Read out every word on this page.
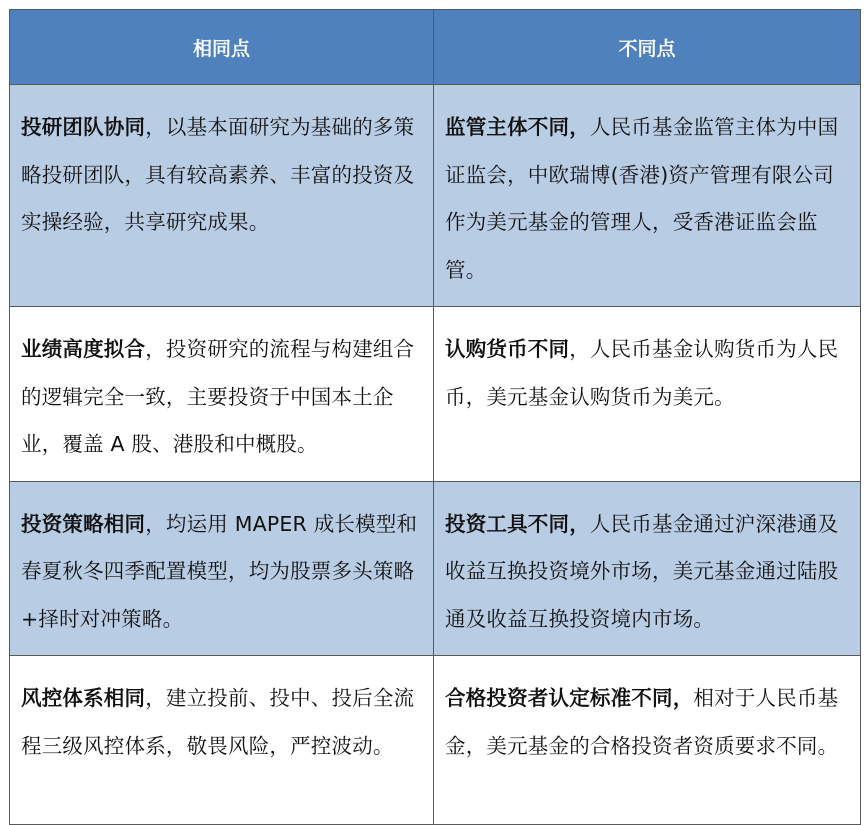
相同点	不同点

投研团队协同，以基本面研究为基础的多策略投研团队，具有较高素养、丰富的投资及实操经验，共享研究成果。	监管主体不同，人民币基金监管主体为中国证监会，中欧瑞博(香港)资产管理有限公司作为美元基金的管理人，受香港证监会监管。

业绩高度拟合，投资研究的流程与构建组合的逻辑完全一致，主要投资于中国本土企业，覆盖 A 股、港股和中概股。	认购货币不同，人民币基金认购货币为人民币，美元基金认购货币为美元。

投资策略相同，均运用 MAPER 成长模型和春夏秋冬四季配置模型，均为股票多头策略+择时对冲策略。	投资工具不同，人民币基金通过沪深港通及收益互换投资境外市场，美元基金通过陆股通及收益互换投资境内市场。

风控体系相同，建立投前、投中、投后全流程三级风控体系，敬畏风险，严控波动。	合格投资者认定标准不同，相对于人民币基金，美元基金的合格投资者资质要求不同。
